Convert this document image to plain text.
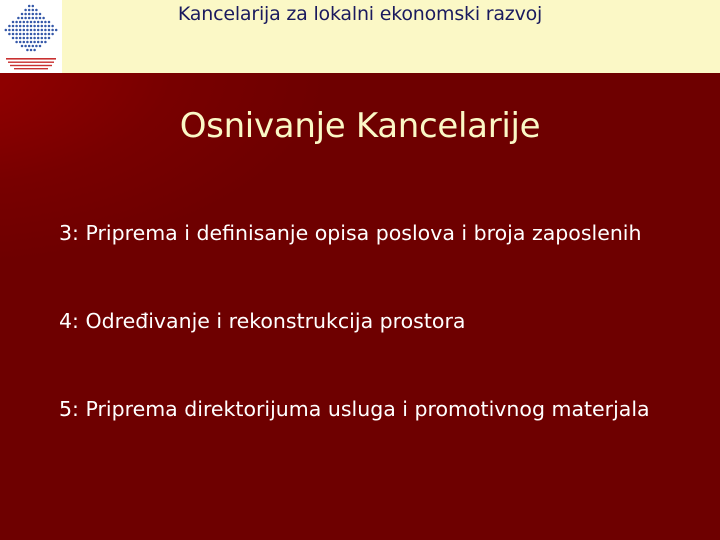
Kancelarija za lokalni ekonomski razvoj
Osnivanje Kancelarije
3: Priprema i definisanje opisa poslova i broja zaposlenih
4: Određivanje i rekonstrukcija prostora
5: Priprema direktorijuma usluga i promotivnog materjala
